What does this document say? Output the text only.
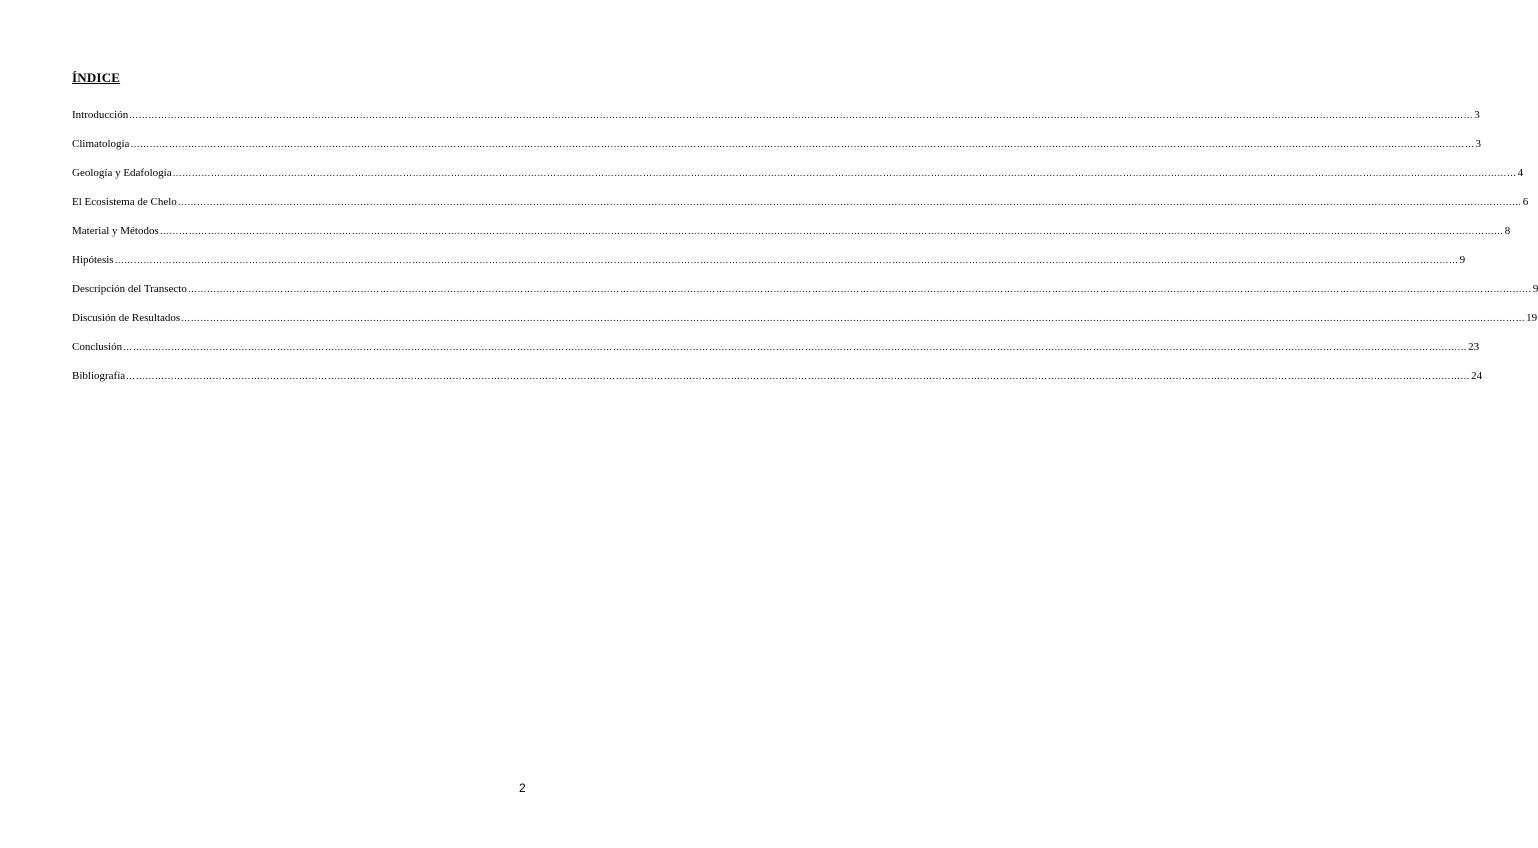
ÍNDICE
Introducción …………………………………………………………………………………………………………………………………………………………………………………………………………………………………………………………………………………………………………………………………………………………………………………… 3
Climatología …………………………………………………………………………………………………………………………………………………………………………………………………………………………………………………………………………………………………………………………………………………………………………………… 3
Geología y Edafología …………………………………………………………………………………………………………………………………………………………………………………………………………………………………………………………………………………………………………………………………………………………………………………… 4
El Ecosistema de Chelo …………………………………………………………………………………………………………………………………………………………………………………………………………………………………………………………………………………………………………………………………………………………………………………… 6
Material y Métodos …………………………………………………………………………………………………………………………………………………………………………………………………………………………………………………………………………………………………………………………………………………………………………………… 8
Hipótesis …………………………………………………………………………………………………………………………………………………………………………………………………………………………………………………………………………………………………………………………………………………………………………………… 9
Descripción del Transecto …………………………………………………………………………………………………………………………………………………………………………………………………………………………………………………………………………………………………………………………………………………………………………………… 9
Discusión de Resultados …………………………………………………………………………………………………………………………………………………………………………………………………………………………………………………………………………………………………………………………………………………………………………………… 19
Conclusión …………………………………………………………………………………………………………………………………………………………………………………………………………………………………………………………………………………………………………………………………………………………………………………… 23
Bibliografía …………………………………………………………………………………………………………………………………………………………………………………………………………………………………………………………………………………………………………………………………………………………………………………… 24
2
